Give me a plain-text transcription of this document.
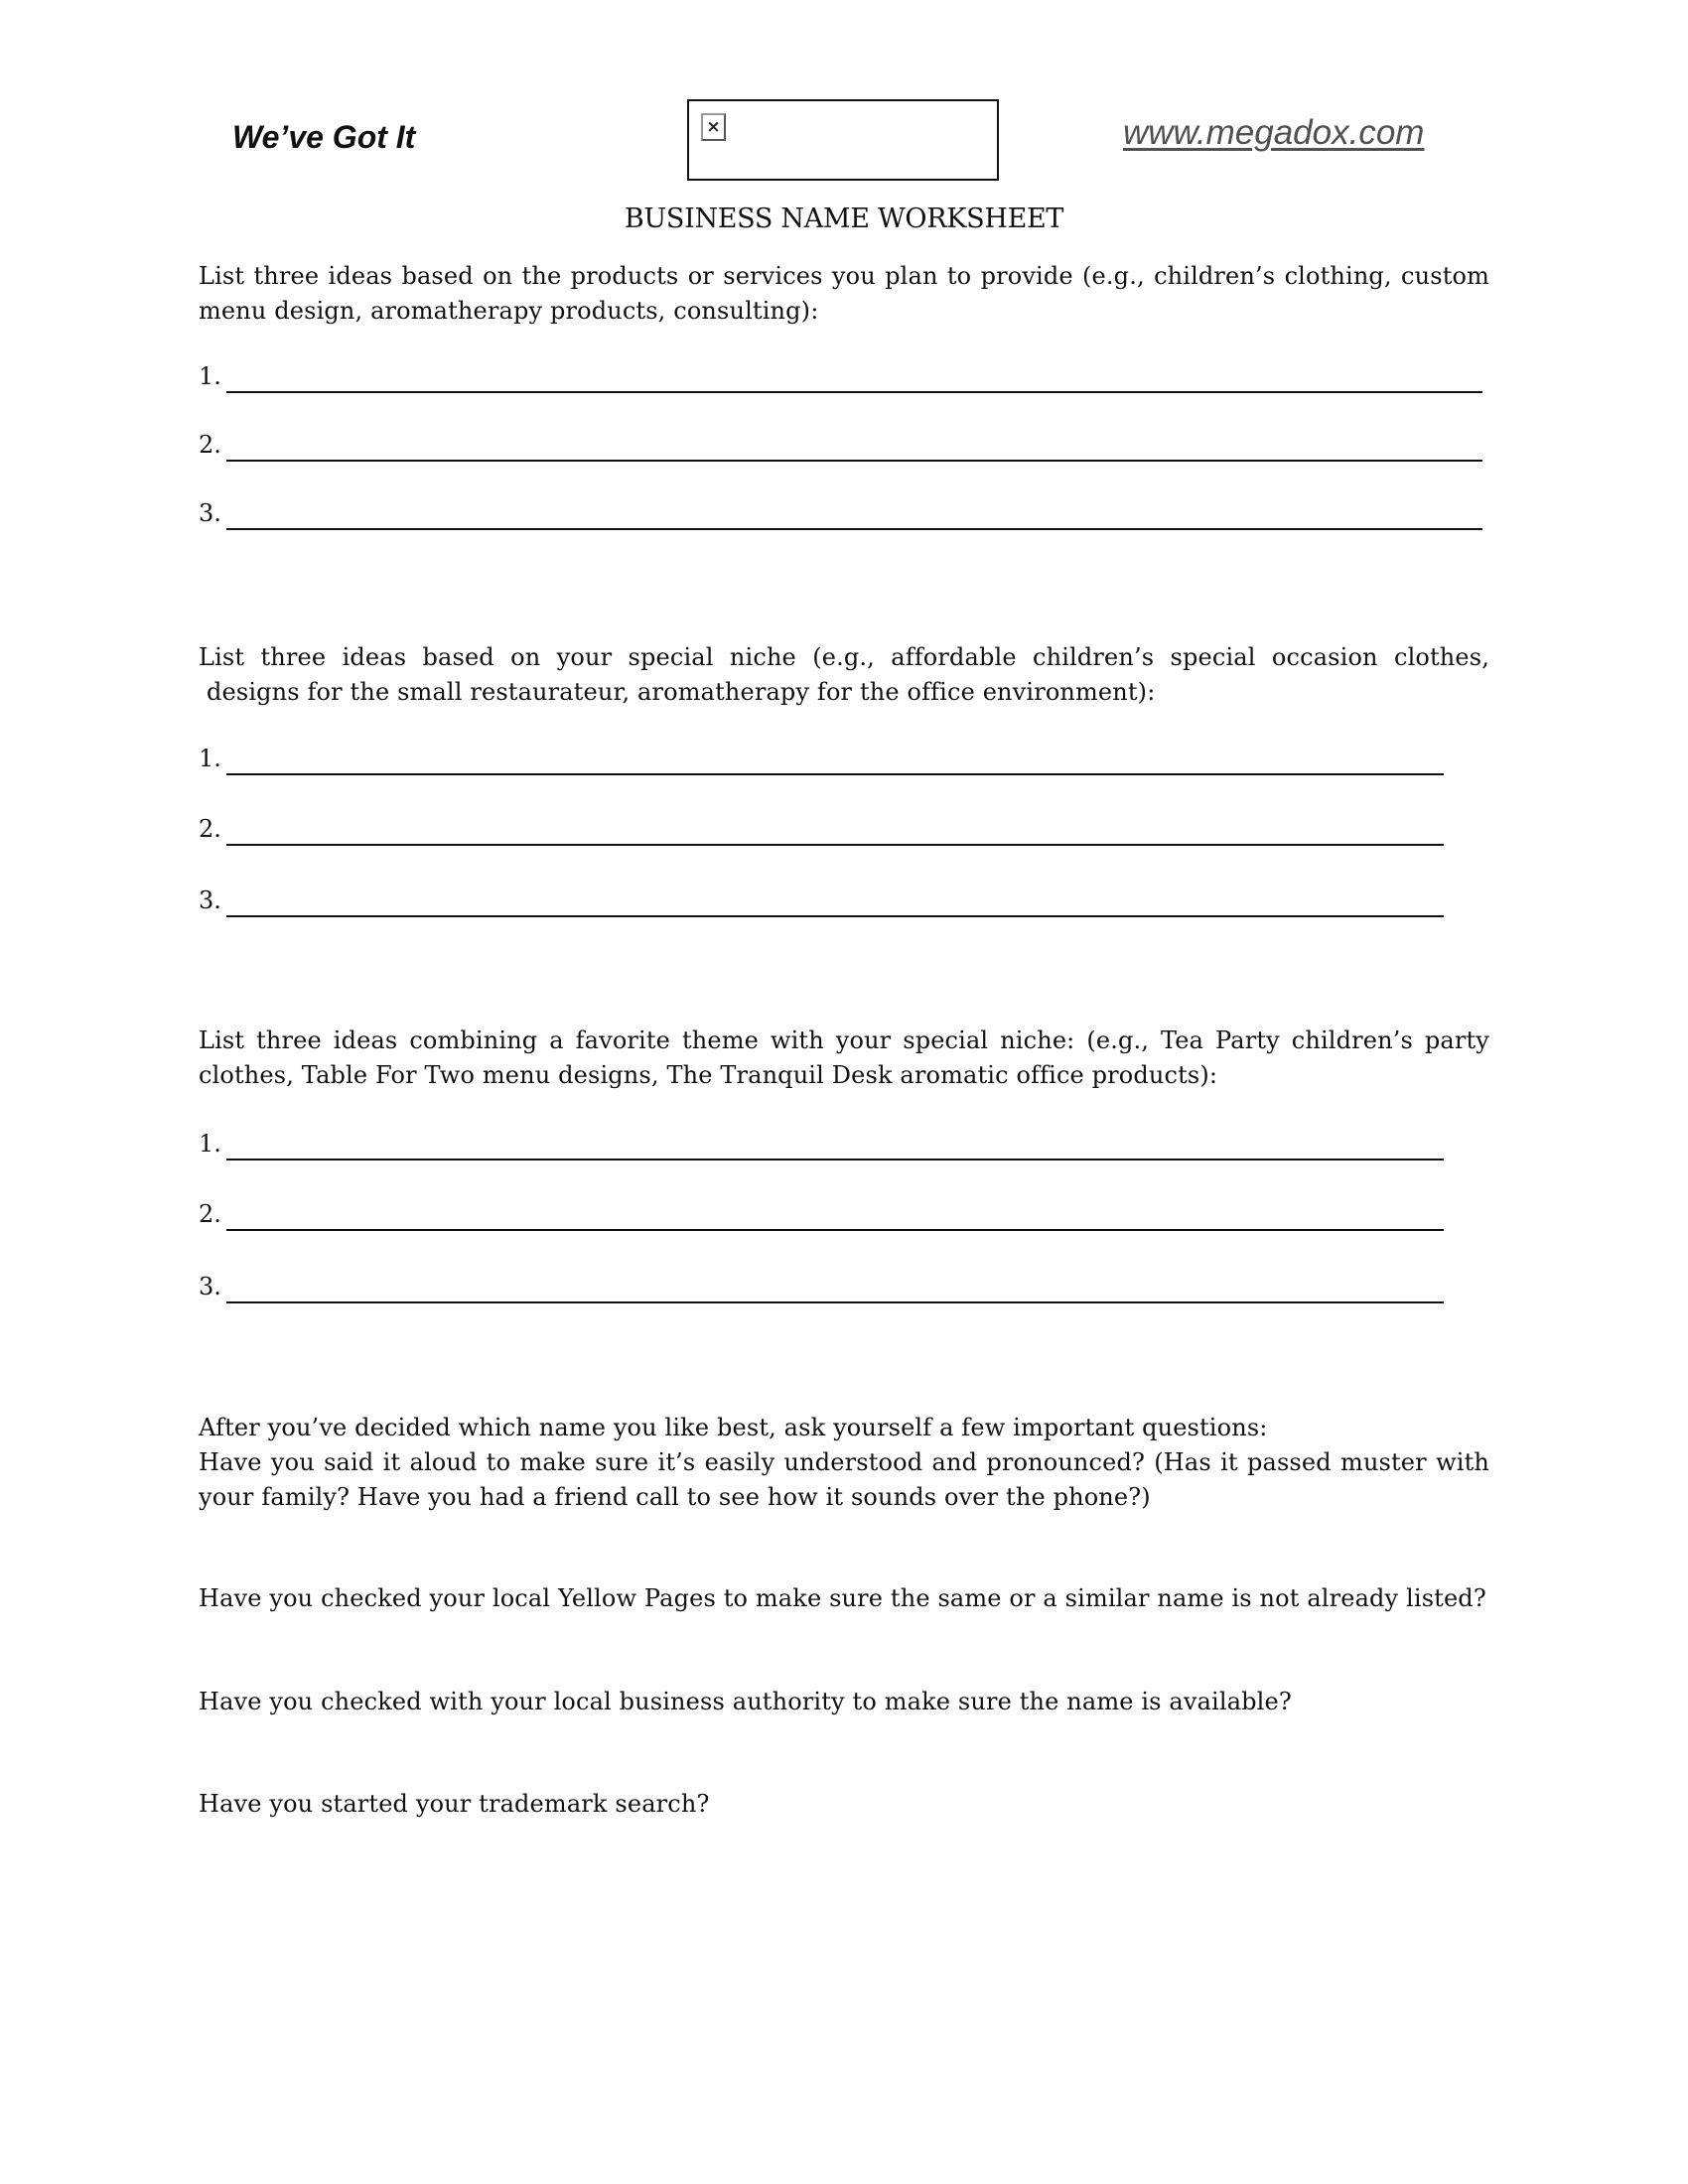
We’ve Got It	×	www.megadox.com
BUSINESS NAME WORKSHEET
List three ideas based on the products or services you plan to provide (e.g., children’s clothing, custom
menu design, aromatherapy products, consulting):
1.
2.
3.
List three ideas based on your special niche (e.g., affordable children’s special occasion clothes,
designs for the small restaurateur, aromatherapy for the office environment):
1.
2.
3.
List three ideas combining a favorite theme with your special niche: (e.g., Tea Party children’s party
clothes, Table For Two menu designs, The Tranquil Desk aromatic office products):
1.
2.
3.
After you’ve decided which name you like best, ask yourself a few important questions:
Have you said it aloud to make sure it’s easily understood and pronounced? (Has it passed muster with
your family? Have you had a friend call to see how it sounds over the phone?)
Have you checked your local Yellow Pages to make sure the same or a similar name is not already listed?
Have you checked with your local business authority to make sure the name is available?
Have you started your trademark search?
